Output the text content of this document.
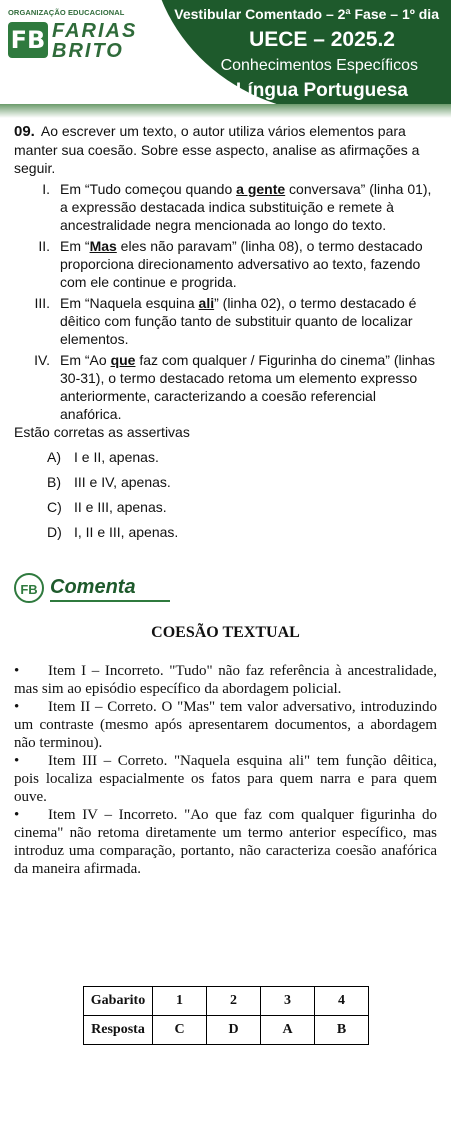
ORGANIZAÇÃO EDUCACIONAL
FB FARIAS
BRITO
Vestibular Comentado – 2ª Fase – 1º dia
UECE – 2025.2
Conhecimentos Específicos
Língua Portuguesa

09. Ao escrever um texto, o autor utiliza vários elementos para manter sua coesão. Sobre esse aspecto, analise as afirmações a seguir.

I. Em “Tudo começou quando a gente conversava” (linha 01), a expressão destacada indica substituição e remete à ancestralidade negra mencionada ao longo do texto.
II. Em “Mas eles não paravam” (linha 08), o termo destacado proporciona direcionamento adversativo ao texto, fazendo com ele continue e progrida.
III. Em “Naquela esquina ali” (linha 02), o termo destacado é dêitico com função tanto de substituir quanto de localizar elementos.
IV. Em “Ao que faz com qualquer / Figurinha do cinema” (linhas 30-31), o termo destacado retoma um elemento expresso anteriormente, caracterizando a coesão referencial anafórica.

Estão corretas as assertivas

A) I e II, apenas.
B) III e IV, apenas.
C) II e III, apenas.
D) I, II e III, apenas.
FB Comenta
COESÃO TEXTUAL

• Item I – Incorreto. "Tudo" não faz referência à ancestralidade, mas sim ao episódio específico da abordagem policial.

• Item II – Correto. O "Mas" tem valor adversativo, introduzindo um contraste (mesmo após apresentarem documentos, a abordagem não terminou).

• Item III – Correto. "Naquela esquina ali" tem função dêitica, pois localiza espacialmente os fatos para quem narra e para quem ouve.

• Item IV – Incorreto. "Ao que faz com qualquer figurinha do cinema" não retoma diretamente um termo anterior específico, mas introduz uma comparação, portanto, não caracteriza coesão anafórica da maneira afirmada.

Gabarito	1	2	3	4
Resposta	C	D	A	B
